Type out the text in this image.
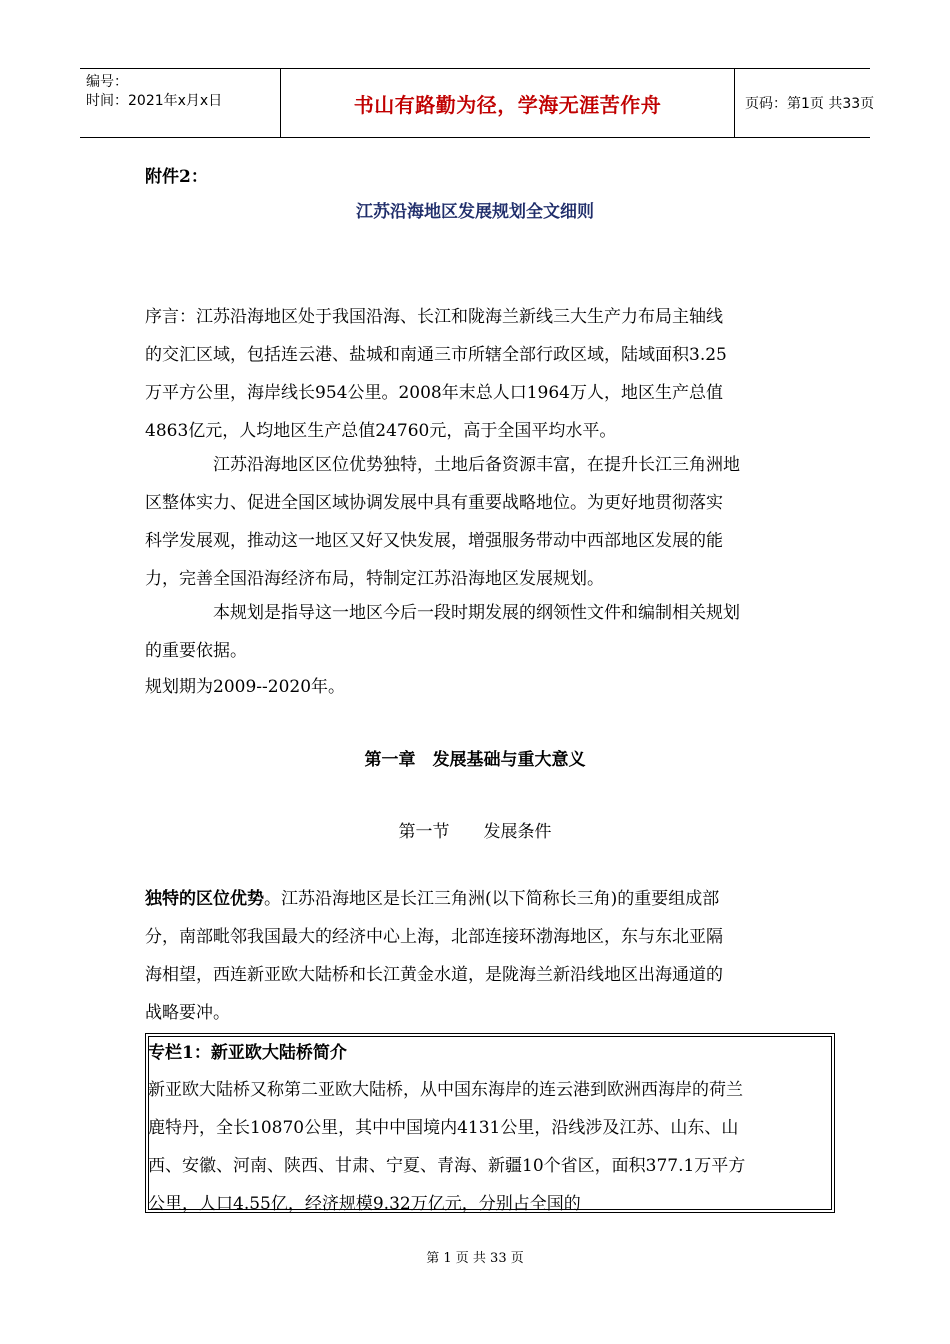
编号：
时间：2021年x月x日	书山有路勤为径，学海无涯苦作舟	页码：第1页 共33页
附件2：
江苏沿海地区发展规划全文细则
序言：江苏沿海地区处于我国沿海、长江和陇海兰新线三大生产力布局主轴线
的交汇区域，包括连云港、盐城和南通三市所辖全部行政区域，陆域面积3.25
万平方公里，海岸线长954公里。2008年末总人口1964万人，地区生产总值
4863亿元，人均地区生产总值24760元，高于全国平均水平。
江苏沿海地区区位优势独特，土地后备资源丰富，在提升长江三角洲地
区整体实力、促进全国区域协调发展中具有重要战略地位。为更好地贯彻落实
科学发展观，推动这一地区又好又快发展，增强服务带动中西部地区发展的能
力，完善全国沿海经济布局，特制定江苏沿海地区发展规划。
本规划是指导这一地区今后一段时期发展的纲领性文件和编制相关规划
的重要依据。
规划期为2009--2020年。
第一章　发展基础与重大意义
第一节　　发展条件
独特的区位优势。江苏沿海地区是长江三角洲(以下简称长三角)的重要组成部
分，南部毗邻我国最大的经济中心上海，北部连接环渤海地区，东与东北亚隔
海相望，西连新亚欧大陆桥和长江黄金水道，是陇海兰新沿线地区出海通道的
战略要冲。
专栏1：新亚欧大陆桥简介
新亚欧大陆桥又称第二亚欧大陆桥，从中国东海岸的连云港到欧洲西海岸的荷兰
鹿特丹，全长10870公里，其中中国境内4131公里，沿线涉及江苏、山东、山
西、安徽、河南、陕西、甘肃、宁夏、青海、新疆10个省区，面积377.1万平方
公里，人口4.55亿，经济规模9.32万亿元，分别占全国的
第 1 页 共 33 页
